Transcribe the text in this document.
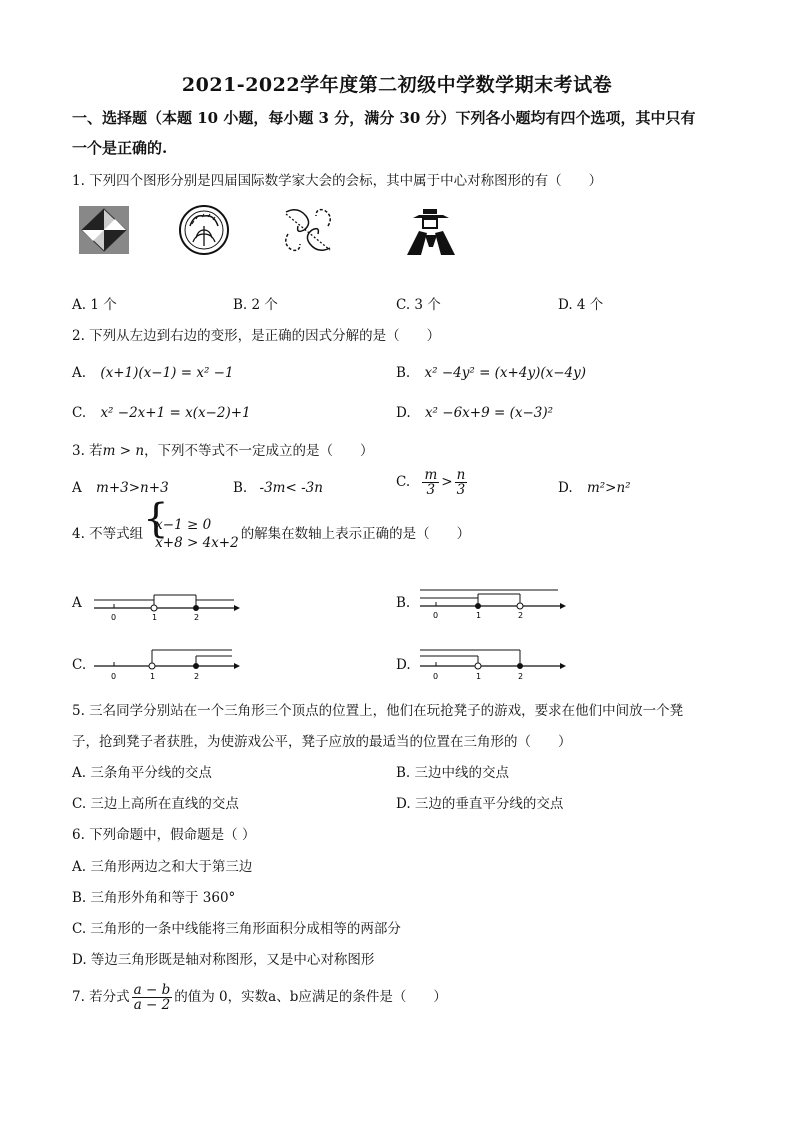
2021-2022学年度第二初级中学数学期末考试卷
一、选择题（本题 10 小题，每小题 3 分，满分 30 分）下列各小题均有四个选项，其中只有
一个是正确的.
1. 下列四个图形分别是四届国际数学家大会的会标，其中属于中心对称图形的有（　　）
A. 1 个	B. 2 个	C. 3 个	D. 4 个
2. 下列从左边到右边的变形，是正确的因式分解的是（　　）
A. (x+1)(x−1) = x² −1	B. x² −4y² = (x+4y)(x−4y)
C. x² −2x+1 = x(x−2)+1	D. x² −6x+9 = (x−3)²
3. 若m > n，下列不等式不一定成立的是（　　）
A m+3>n+3	B. -3m< -3n	C. $\frac{m}{3} > \frac{n}{3}$	D. m²>n²
4. 不等式组
{ x−1 ≥ 0
x+8 > 4x+2
的解集在数轴上表示正确的是（　　）
A
0	1	2
B.
0	1	2
C.
0	1	2
D.
0	1	2
5. 三名同学分别站在一个三角形三个顶点的位置上，他们在玩抢凳子的游戏，要求在他们中间放一个凳
子，抢到凳子者获胜，为使游戏公平，凳子应放的最适当的位置在三角形的（　　）
A. 三条角平分线的交点	B. 三边中线的交点
C. 三边上高所在直线的交点	D. 三边的垂直平分线的交点
6. 下列命题中，假命题是（ ）
A. 三角形两边之和大于第三边
B. 三角形外角和等于 360°
C. 三角形的一条中线能将三角形面积分成相等的两部分
D. 等边三角形既是轴对称图形，又是中心对称图形
7. 若分式 $\frac{a - b}{a - 2}$ 的值为 0，实数a、b应满足的条件是（　　）
